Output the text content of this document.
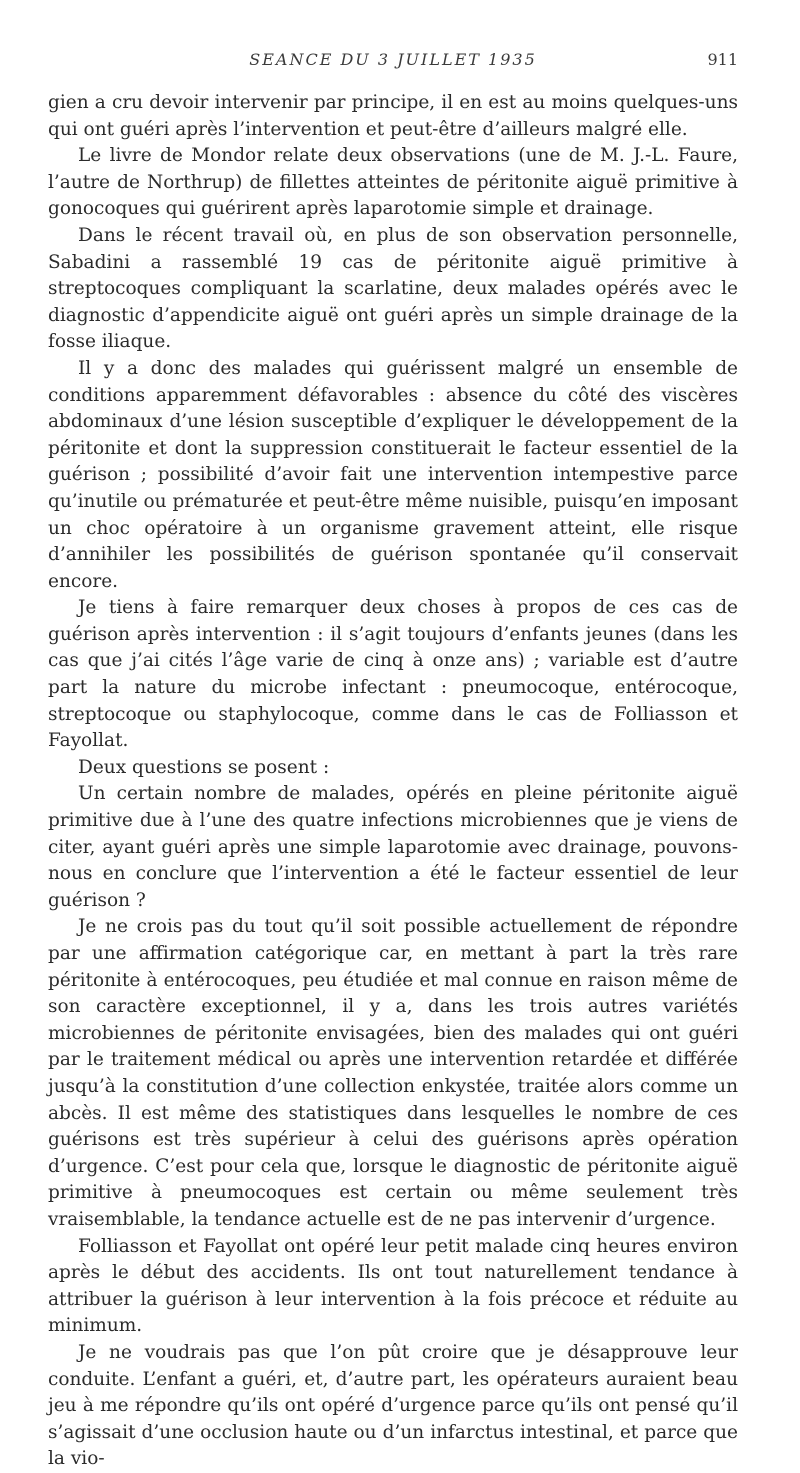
SEANCE DU 3 JUILLET 1935	911

gien a cru devoir intervenir par principe, il en est au moins quelques-uns qui ont guéri après l’intervention et peut-être d’ailleurs malgré elle.

Le livre de Mondor relate deux observations (une de M. J.-L. Faure, l’autre de Northrup) de fillettes atteintes de péritonite aiguë primitive à gonocoques qui guérirent après laparotomie simple et drainage.

Dans le récent travail où, en plus de son observation personnelle, Sabadini a rassemblé 19 cas de péritonite aiguë primitive à streptocoques compliquant la scarlatine, deux malades opérés avec le diagnostic d’appendicite aiguë ont guéri après un simple drainage de la fosse iliaque.

Il y a donc des malades qui guérissent malgré un ensemble de conditions apparemment défavorables : absence du côté des viscères abdominaux d’une lésion susceptible d’expliquer le développement de la péritonite et dont la suppression constituerait le facteur essentiel de la guérison ; possibilité d’avoir fait une intervention intempestive parce qu’inutile ou prématurée et peut-être même nuisible, puisqu’en imposant un choc opératoire à un organisme gravement atteint, elle risque d’annihiler les possibilités de guérison spontanée qu’il conservait encore.

Je tiens à faire remarquer deux choses à propos de ces cas de guérison après intervention : il s’agit toujours d’enfants jeunes (dans les cas que j’ai cités l’âge varie de cinq à onze ans) ; variable est d’autre part la nature du microbe infectant : pneumocoque, entérocoque, streptocoque ou staphylocoque, comme dans le cas de Folliasson et Fayollat.

Deux questions se posent :

Un certain nombre de malades, opérés en pleine péritonite aiguë primitive due à l’une des quatre infections microbiennes que je viens de citer, ayant guéri après une simple laparotomie avec drainage, pouvons-nous en conclure que l’intervention a été le facteur essentiel de leur guérison ?

Je ne crois pas du tout qu’il soit possible actuellement de répondre par une affirmation catégorique car, en mettant à part la très rare péritonite à entérocoques, peu étudiée et mal connue en raison même de son caractère exceptionnel, il y a, dans les trois autres variétés microbiennes de péritonite envisagées, bien des malades qui ont guéri par le traitement médical ou après une intervention retardée et différée jusqu’à la constitution d’une collection enkystée, traitée alors comme un abcès. Il est même des statistiques dans lesquelles le nombre de ces guérisons est très supérieur à celui des guérisons après opération d’urgence. C’est pour cela que, lorsque le diagnostic de péritonite aiguë primitive à pneumocoques est certain ou même seulement très vraisemblable, la tendance actuelle est de ne pas intervenir d’urgence.

Folliasson et Fayollat ont opéré leur petit malade cinq heures environ après le début des accidents. Ils ont tout naturellement tendance à attribuer la guérison à leur intervention à la fois précoce et réduite au minimum.

Je ne voudrais pas que l’on pût croire que je désapprouve leur conduite. L’enfant a guéri, et, d’autre part, les opérateurs auraient beau jeu à me répondre qu’ils ont opéré d’urgence parce qu’ils ont pensé qu’il s’agissait d’une occlusion haute ou d’un infarctus intestinal, et parce que la vio-
